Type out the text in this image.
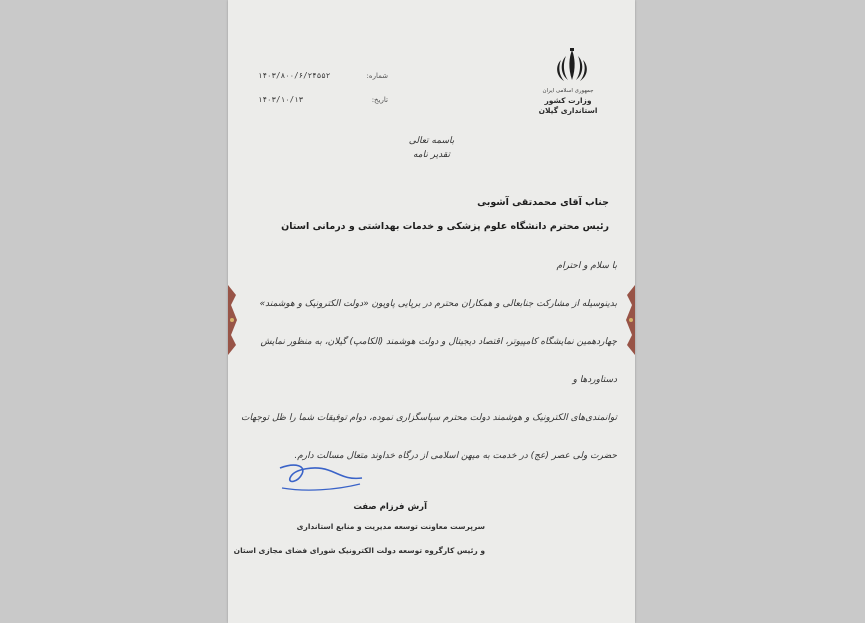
جمهوری اسلامی ایران
وزارت کشور
استانداری گیلان
شماره:
۱۴۰۳/۸۰۰/۶/۲۴۵۵۲
تاریخ:
۱۴۰۳/۱۰/۱۳
باسمه تعالی
تقدیر نامه
جناب آقای محمدتقی آشوبی
رئیس محترم دانشگاه علوم پزشکی و خدمات بهداشتی و درمانی استان

با سلام و احترام

بدینوسیله از مشارکت جنابعالی و همکاران محترم در برپایی پاویون «دولت الکترونیک و هوشمند»

چهاردهمین نمایشگاه کامپیوتر، اقتصاد دیجیتال و دولت هوشمند (الکامپ) گیلان، به منظور نمایش دستاوردها و

توانمندی‌های الکترونیک و هوشمند دولت محترم سپاسگزاری نموده، دوام توفیقات شما را ظل توجهات

حضرت ولی عصر (عج) در خدمت به میهن اسلامی از درگاه خداوند متعال مسالت دارم.

آرش فرزام صفت
سرپرست معاونت توسعه مدیریت و منابع استانداری
و رئیس کارگروه توسعه دولت الکترونیک شورای فضای مجازی استان
